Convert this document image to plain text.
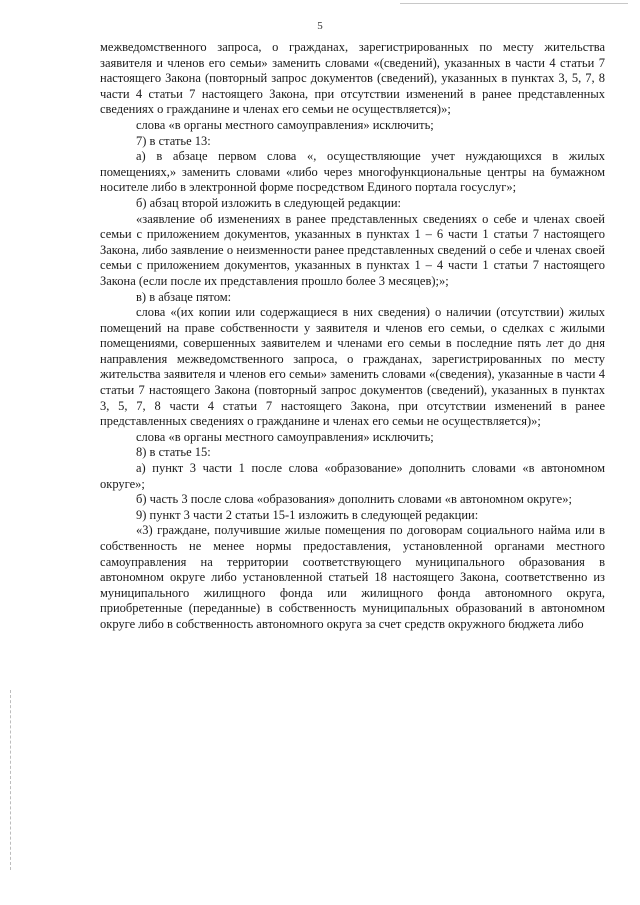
5

межведомственного запроса, о гражданах, зарегистрированных по месту жительства заявителя и членов его семьи» заменить словами «(сведений), указанных в части 4 статьи 7 настоящего Закона (повторный запрос документов (сведений), указанных в пунктах 3, 5, 7, 8 части 4 статьи 7 настоящего Закона, при отсутствии изменений в ранее представленных сведениях о гражданине и членах его семьи не осуществляется)»;

слова «в органы местного самоуправления» исключить;

7) в статье 13:

а) в абзаце первом слова «, осуществляющие учет нуждающихся в жилых помещениях,» заменить словами «либо через многофункциональные центры на бумажном носителе либо в электронной форме посредством Единого портала госуслуг»;

б) абзац второй изложить в следующей редакции:

«заявление об изменениях в ранее представленных сведениях о себе и членах своей семьи с приложением документов, указанных в пунктах 1 – 6 части 1 статьи 7 настоящего Закона, либо заявление о неизменности ранее представленных сведений о себе и членах своей семьи с приложением документов, указанных в пунктах 1 – 4 части 1 статьи 7 настоящего Закона (если после их представления прошло более 3 месяцев);»;

в) в абзаце пятом:

слова «(их копии или содержащиеся в них сведения) о наличии (отсутствии) жилых помещений на праве собственности у заявителя и членов его семьи, о сделках с жилыми помещениями, совершенных заявителем и членами его семьи в последние пять лет до дня направления межведомственного запроса, о гражданах, зарегистрированных по месту жительства заявителя и членов его семьи» заменить словами «(сведения), указанные в части 4 статьи 7 настоящего Закона (повторный запрос документов (сведений), указанных в пунктах 3, 5, 7, 8 части 4 статьи 7 настоящего Закона, при отсутствии изменений в ранее представленных сведениях о гражданине и членах его семьи не осуществляется)»;

слова «в органы местного самоуправления» исключить;

8) в статье 15:

а) пункт 3 части 1 после слова «образование» дополнить словами «в автономном округе»;

б) часть 3 после слова «образования» дополнить словами «в автономном округе»;

9) пункт 3 части 2 статьи 15-1 изложить в следующей редакции:

«3) граждане, получившие жилые помещения по договорам социального найма или в собственность не менее нормы предоставления, установленной органами местного самоуправления на территории соответствующего муниципального образования в автономном округе либо установленной статьей 18 настоящего Закона, соответственно из муниципального жилищного фонда или жилищного фонда автономного округа, приобретенные (переданные) в собственность муниципальных образований в автономном округе либо в собственность автономного округа за счет средств окружного бюджета либо
